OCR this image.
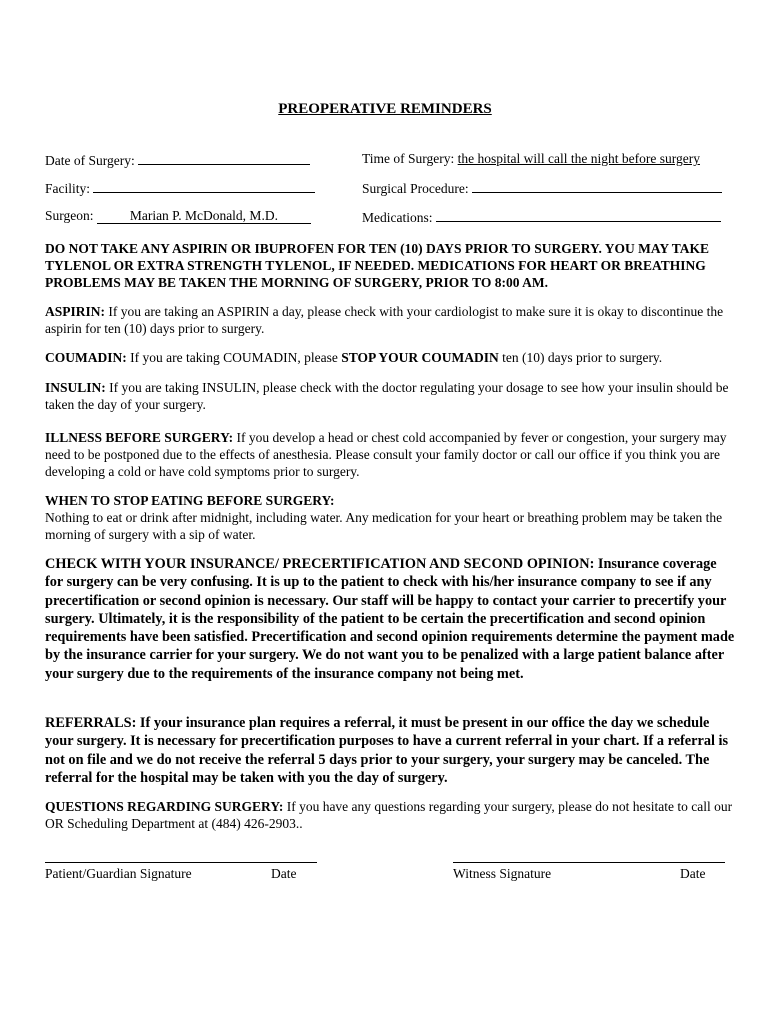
PREOPERATIVE REMINDERS
Date of Surgery:	Time of Surgery: the hospital will call the night before surgery
Facility:	Surgical Procedure:
Surgeon:	Marian P. McDonald, M.D.	Medications:
DO NOT TAKE ANY ASPIRIN OR IBUPROFEN FOR TEN (10) DAYS PRIOR TO SURGERY. YOU MAY TAKE TYLENOL OR EXTRA STRENGTH TYLENOL, IF NEEDED. MEDICATIONS FOR HEART OR BREATHING PROBLEMS MAY BE TAKEN THE MORNING OF SURGERY, PRIOR TO 8:00 AM.
ASPIRIN: If you are taking an ASPIRIN a day, please check with your cardiologist to make sure it is okay to discontinue the aspirin for ten (10) days prior to surgery.
COUMADIN: If you are taking COUMADIN, please STOP YOUR COUMADIN ten (10) days prior to surgery.
INSULIN: If you are taking INSULIN, please check with the doctor regulating your dosage to see how your insulin should be taken the day of your surgery.
ILLNESS BEFORE SURGERY: If you develop a head or chest cold accompanied by fever or congestion, your surgery may need to be postponed due to the effects of anesthesia. Please consult your family doctor or call our office if you think you are developing a cold or have cold symptoms prior to surgery.
WHEN TO STOP EATING BEFORE SURGERY:
Nothing to eat or drink after midnight, including water. Any medication for your heart or breathing problem may be taken the morning of surgery with a sip of water.
CHECK WITH YOUR INSURANCE/ PRECERTIFICATION AND SECOND OPINION: Insurance coverage for surgery can be very confusing. It is up to the patient to check with his/her insurance company to see if any precertification or second opinion is necessary. Our staff will be happy to contact your carrier to precertify your surgery. Ultimately, it is the responsibility of the patient to be certain the precertification and second opinion requirements have been satisfied. Precertification and second opinion requirements determine the payment made by the insurance carrier for your surgery. We do not want you to be penalized with a large patient balance after your surgery due to the requirements of the insurance company not being met.
REFERRALS: If your insurance plan requires a referral, it must be present in our office the day we schedule your surgery. It is necessary for precertification purposes to have a current referral in your chart. If a referral is not on file and we do not receive the referral 5 days prior to your surgery, your surgery may be canceled. The referral for the hospital may be taken with you the day of surgery.
QUESTIONS REGARDING SURGERY: If you have any questions regarding your surgery, please do not hesitate to call our OR Scheduling Department at (484) 426-2903..
Patient/Guardian Signature	Date	Witness Signature	Date
